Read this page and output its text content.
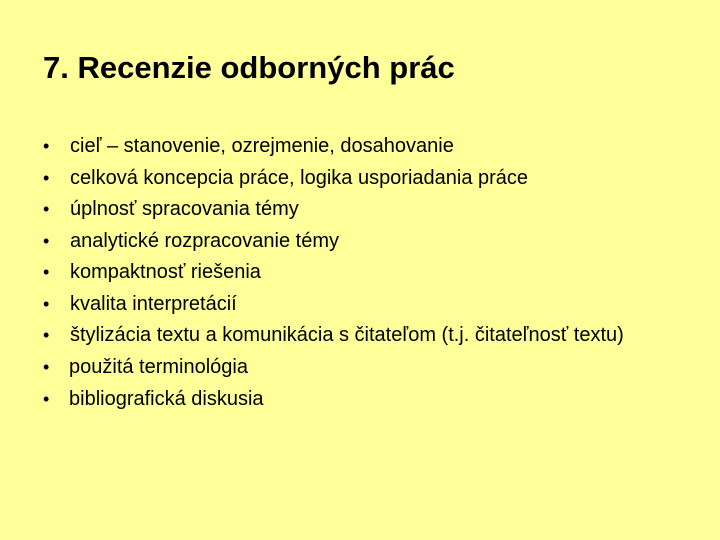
7. Recenzie odborných prác
•	cieľ – stanovenie, ozrejmenie, dosahovanie
•	celková koncepcia práce, logika usporiadania práce
•	úplnosť spracovania témy
•	analytické rozpracovanie témy
•	kompaktnosť riešenia
•	kvalita interpretácií
•	štylizácia textu a komunikácia s čitateľom (t.j. čitateľnosť textu)
• použitá terminológia
• bibliografická diskusia
